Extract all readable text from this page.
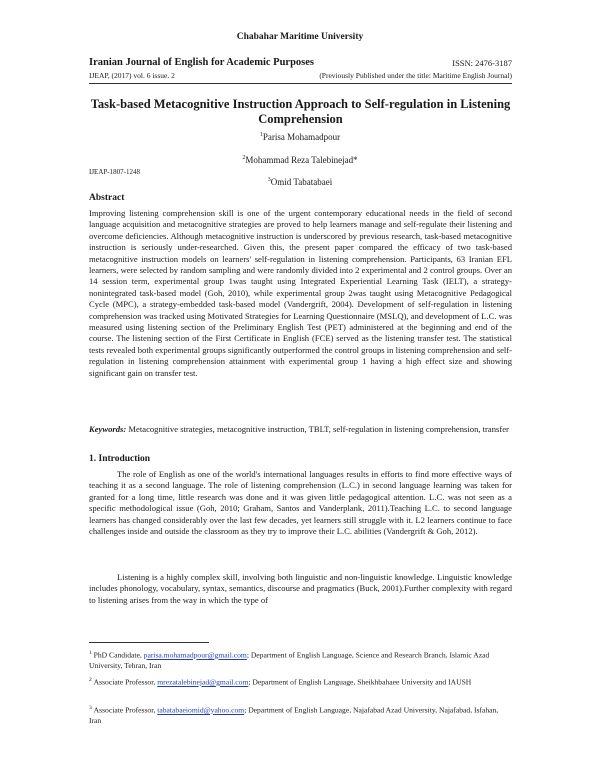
Chabahar Maritime University
Iranian Journal of English for Academic Purposes	ISSN: 2476-3187
IJEAP, (2017) vol. 6 issue. 2	(Previously Published under the title: Maritime English Journal)
Task-based Metacognitive Instruction Approach to Self-regulation in Listening Comprehension
$^1$Parisa Mohamadpour
$^2$Mohammad Reza Talebinejad*
IJEAP-1807-1248
$^3$Omid Tabatabaei
Abstract

Improving listening comprehension skill is one of the urgent contemporary educational needs in the field of second language acquisition and metacognitive strategies are proved to help learners manage and self-regulate their listening and overcome deficiencies. Although metacognitive instruction is underscored by previous research, task-based metacognitive instruction is seriously under-researched. Given this, the present paper compared the efficacy of two task-based metacognitive instruction models on learners' self-regulation in listening comprehension. Participants, 63 Iranian EFL learners, were selected by random sampling and were randomly divided into 2 experimental and 2 control groups. Over an 14 session term, experimental group 1was taught using Integrated Experiential Learning Task (IELT), a strategy-nonintegrated task-based model (Goh, 2010), while experimental group 2was taught using Metacognitive Pedagogical Cycle (MPC), a strategy-embedded task-based model (Vandergrift, 2004). Development of self-regulation in listening comprehension was tracked using Motivated Strategies for Learning Questionnaire (MSLQ), and development of L.C. was measured using listening section of the Preliminary English Test (PET) administered at the beginning and end of the course. The listening section of the First Certificate in English (FCE) served as the listening transfer test. The statistical tests revealed both experimental groups significantly outperformed the control groups in listening comprehension and self-regulation in listening comprehension attainment with experimental group 1 having a high effect size and showing significant gain on transfer test.

Keywords: Metacognitive strategies, metacognitive instruction, TBLT, self-regulation in listening comprehension, transfer

1. Introduction

The role of English as one of the world's international languages results in efforts to find more effective ways of teaching it as a second language. The role of listening comprehension (L.C.) in second language learning was taken for granted for a long time, little research was done and it was given little pedagogical attention. L.C. was not seen as a specific methodological issue (Goh, 2010; Graham, Santos and Vanderplank, 2011).Teaching L.C. to second language learners has changed considerably over the last few decades, yet learners still struggle with it. L2 learners continue to face challenges inside and outside the classroom as they try to improve their L.C. abilities (Vandergrift & Goh, 2012).

Listening is a highly complex skill, involving both linguistic and non-linguistic knowledge. Linguistic knowledge includes phonology, vocabulary, syntax, semantics, discourse and pragmatics (Buck, 2001).Further complexity with regard to listening arises from the way in which the type of

$^1$ PhD Candidate, parisa.mohamadpour@gmail.com; Department of English Language, Science and Research Branch, Islamic Azad University, Tehran, Iran
$^2$ Associate Professor, mrezatalebinejad@gmail.com; Department of English Language, Sheikhbahaee University and IAUSH
$^3$ Associate Professor, tabatabaeiomid@yahoo.com; Department of English Language, Najafabad Azad University, Najafabad, Isfahan, Iran
